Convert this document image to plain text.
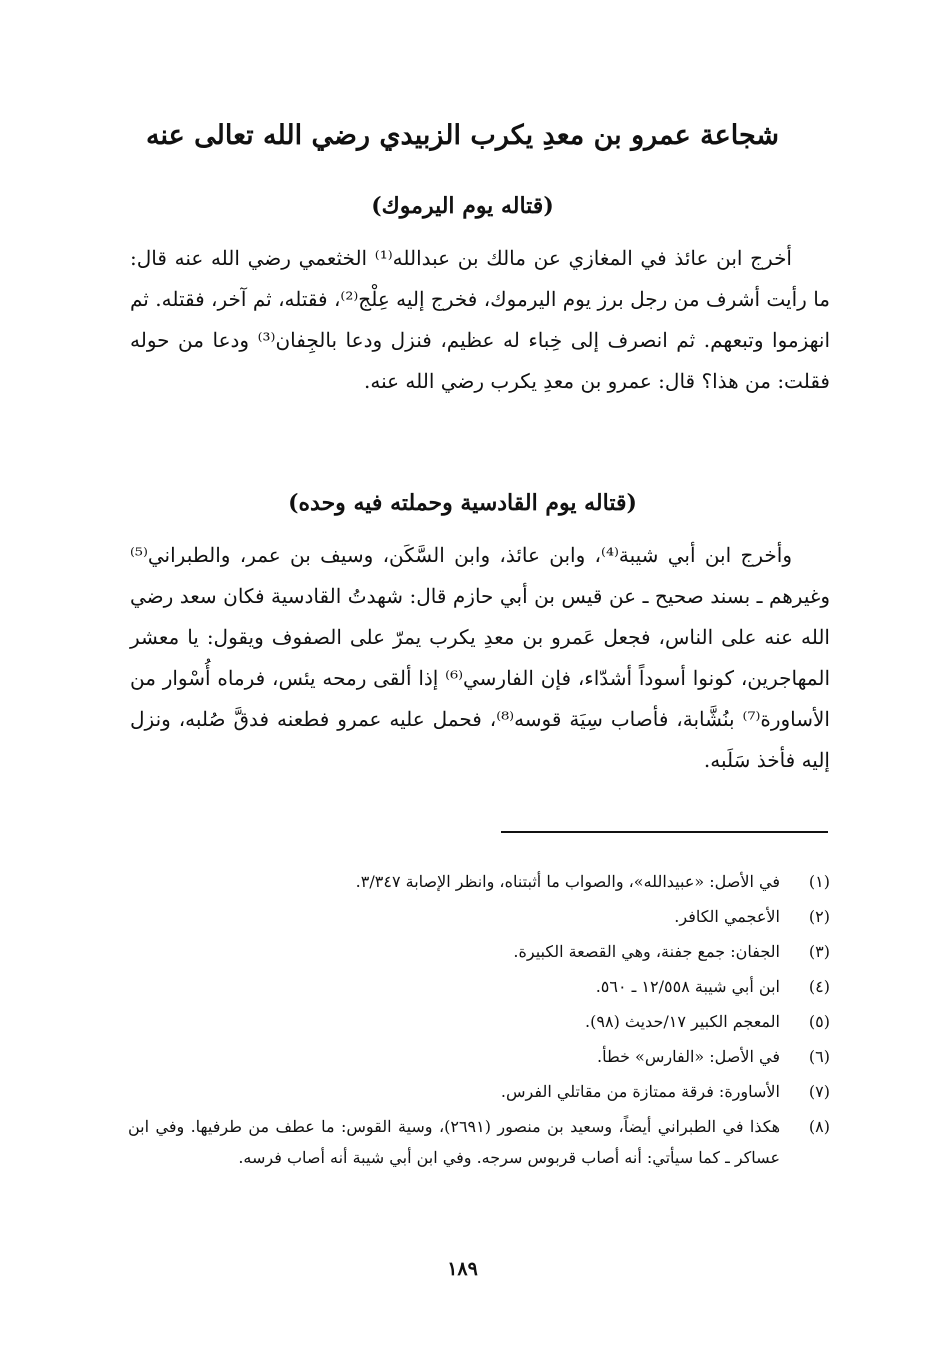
شجاعة عمرو بن معدِ يكرب الزبيدي رضي الله تعالى عنه
(قتاله يوم اليرموك)
أخرج ابن عائذ في المغازي عن مالك بن عبدالله⁽¹⁾ الخثعمي رضي الله عنه قال: ما رأيت أشرف من رجل برز يوم اليرموك، فخرج إليه عِلْج⁽²⁾، فقتله، ثم آخر، فقتله. ثم انهزموا وتبعهم. ثم انصرف إلى خِباء له عظيم، فنزل ودعا بالجِفان⁽³⁾ ودعا من حوله فقلت: من هذا؟ قال: عمرو بن معدِ يكرب رضي الله عنه.
(قتاله يوم القادسية وحملته فيه وحده)
وأخرج ابن أبي شيبة⁽⁴⁾، وابن عائذ، وابن السَّكَن، وسيف بن عمر، والطبراني⁽⁵⁾ وغيرهم ـ بسند صحيح ـ عن قيس بن أبي حازم قال: شهدتُ القادسية فكان سعد رضي الله عنه على الناس، فجعل عَمرو بن معدِ يكرب يمرّ على الصفوف ويقول: يا معشر المهاجرين، كونوا أسوداً أشدّاء، فإن الفارسي⁽⁶⁾ إذا ألقى رمحه يئس، فرماه أُسْوار من الأساورة⁽⁷⁾ بنُشَّابة، فأصاب سِيَة قوسه⁽⁸⁾، فحمل عليه عمرو فطعنه فدقَّ صُلبه، ونزل إليه فأخذ سَلَبه.
(١)
في الأصل: «عبيدالله»، والصواب ما أثبتناه، وانظر الإصابة ٣/٣٤٧.
(٢)
الأعجمي الكافر.
(٣)
الجفان: جمع جفنة، وهي القصعة الكبيرة.
(٤)
ابن أبي شيبة ١٢/٥٥٨ ـ ٥٦٠.
(٥)
المعجم الكبير ١٧/حديث (٩٨).
(٦)
في الأصل: «الفارس» خطأ.
(٧)
الأساورة: فرقة ممتازة من مقاتلي الفرس.
(٨)
هكذا في الطبراني أيضاً، وسعيد بن منصور (٢٦٩١)، وسية القوس: ما عطف من طرفيها. وفي ابن عساكر ـ كما سيأتي: أنه أصاب قربوس سرجه. وفي ابن أبي شيبة أنه أصاب فرسه.
١٨٩
